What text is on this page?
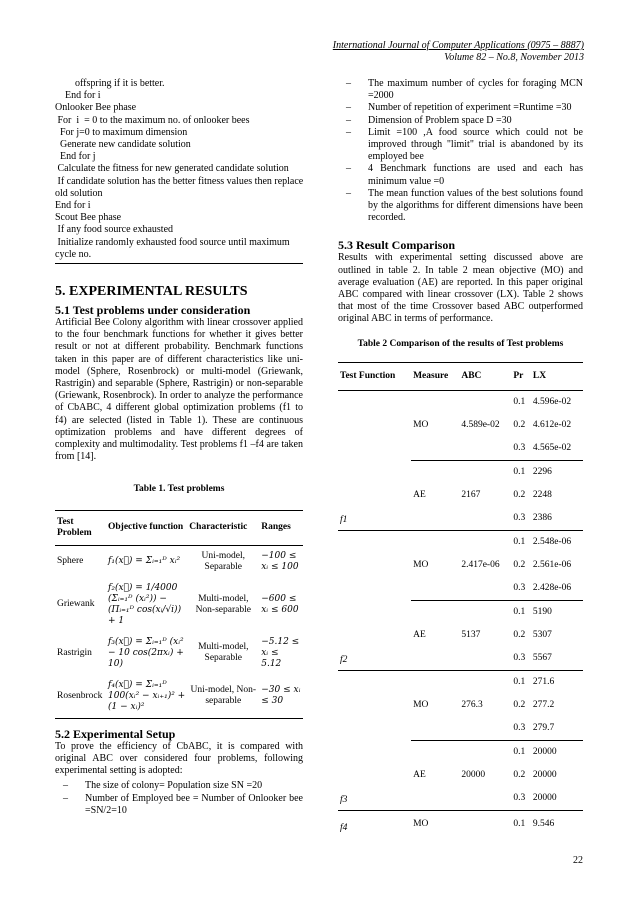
International Journal of Computer Applications (0975 – 8887)
Volume 82 – No.8, November 2013
offspring if it is better.
End for i
Onlooker Bee phase
For  i  = 0 to the maximum no. of onlooker bees
For j=0 to maximum dimension
Generate new candidate solution
End for j
Calculate the fitness for new generated candidate solution
If candidate solution has the better fitness values then replace
old solution
End for i
Scout Bee phase
If any food source exhausted
Initialize randomly exhausted food source until maximum
cycle no.
5. EXPERIMENTAL RESULTS
5.1 Test problems under consideration

Artificial Bee Colony algorithm with linear crossover applied to the four benchmark functions for whether it gives better result or not at different probability. Benchmark functions taken in this paper are of different characteristics like uni-model (Sphere, Rosenbrock) or multi-model (Griewank, Rastrigin) and separable (Sphere, Rastrigin) or non-separable (Griewank, Rosenbrock). In order to analyze the performance of CbABC, 4 different global optimization problems (f1 to f4) are selected (listed in Table 1). These are continuous optimization problems and have different degrees of complexity and multimodality. Test problems f1 –f4 are taken from [14].

Table 1. Test problems
Test Problem	Objective function	Characteristic	Ranges
Sphere	f₁(x⃗) = Σᵢ₌₁ᴰ xᵢ²	Uni-model, Separable	−100 ≤ xᵢ ≤ 100
Griewank	f₂(x⃗) = 1/4000 (Σᵢ₌₁ᴰ (xᵢ²)) − (Πᵢ₌₁ᴰ cos(xᵢ/√i)) + 1	Multi-model, Non-separable	−600 ≤ xᵢ ≤ 600
Rastrigin	f₃(x⃗) = Σᵢ₌₁ᴰ (xᵢ² − 10 cos(2πxᵢ) + 10)	Multi-model, Separable	−5.12 ≤ xᵢ ≤ 5.12
Rosenbrock	f₄(x⃗) = Σᵢ₌₁ᴰ 100(xᵢ² − xᵢ₊₁)² + (1 − xᵢ)²	Uni-model, Non-separable	−30 ≤ xᵢ ≤ 30
5.2 Experimental Setup

To prove the efficiency of CbABC, it is compared with original ABC over considered four problems, following experimental setting is adopted:

– The size of colony= Population size SN =20
– Number of Employed bee = Number of Onlooker bee =SN/2=10
– The maximum number of cycles for foraging MCN =2000
– Number of repetition of experiment =Runtime =30
– Dimension of Problem space D =30
– Limit =100 ,A food source which could not be improved through "limit" trial is abandoned by its employed bee
– 4 Benchmark functions are used and each has minimum value =0
– The mean function values of the best solutions found by the algorithms for different dimensions have been recorded.
5.3 Result Comparison

Results with experimental setting discussed above are outlined in table 2. In table 2 mean objective (MO) and average evaluation (AE) are reported. In this paper original ABC compared with linear crossover (LX). Table 2 shows that most of the time Crossover based ABC outperformed original ABC in terms of performance.

Table 2 Comparison of the results of Test problems
Test Function	Measure	ABC	Pr	LX
f1	MO	4.589e-02	0.1	4.596e-02
			0.2	4.612e-02
			0.3	4.565e-02
	AE	2167	0.1	2296
			0.2	2248
			0.3	2386
f2	MO	2.417e-06	0.1	2.548e-06
			0.2	2.561e-06
			0.3	2.428e-06
	AE	5137	0.1	5190
			0.2	5307
			0.3	5567
f3	MO	276.3	0.1	271.6
			0.2	277.2
			0.3	279.7
	AE	20000	0.1	20000
			0.2	20000
			0.3	20000
f4	MO		0.1	9.546
22
